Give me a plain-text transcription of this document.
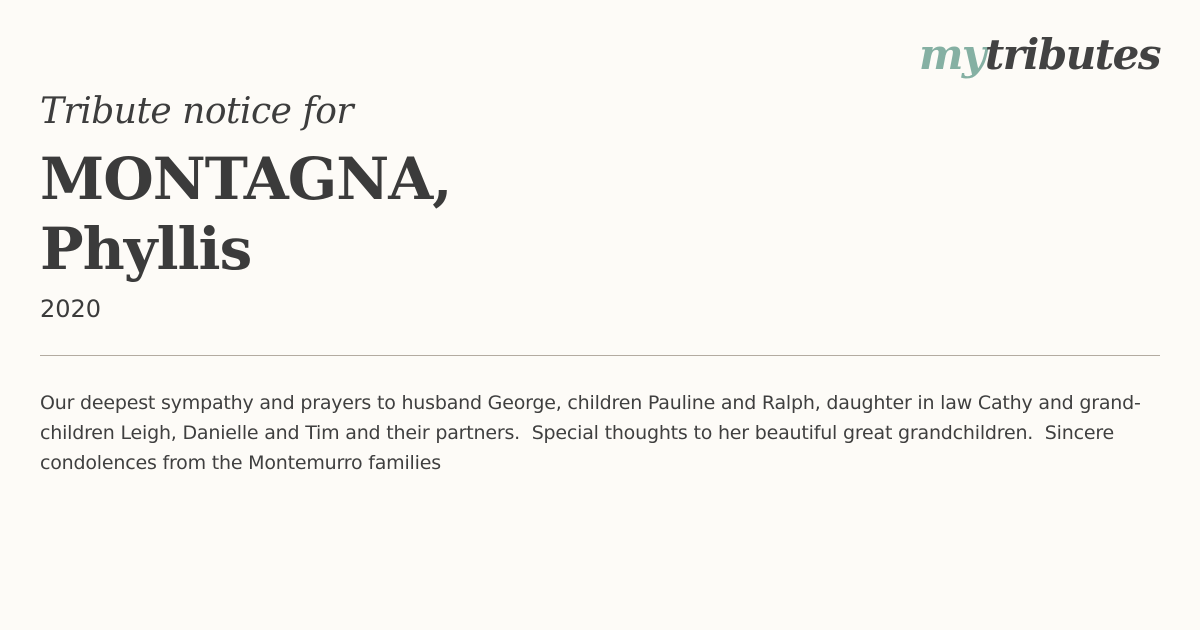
mytributes

Tribute notice for

MONTAGNA,
Phyllis
2020

Our deepest sympathy and prayers to husband George, children Pauline and Ralph, daughter in law Cathy and grand-children Leigh, Danielle and Tim and their partners.  Special thoughts to her beautiful great grandchildren.  Sincere condolences from the Montemurro families
